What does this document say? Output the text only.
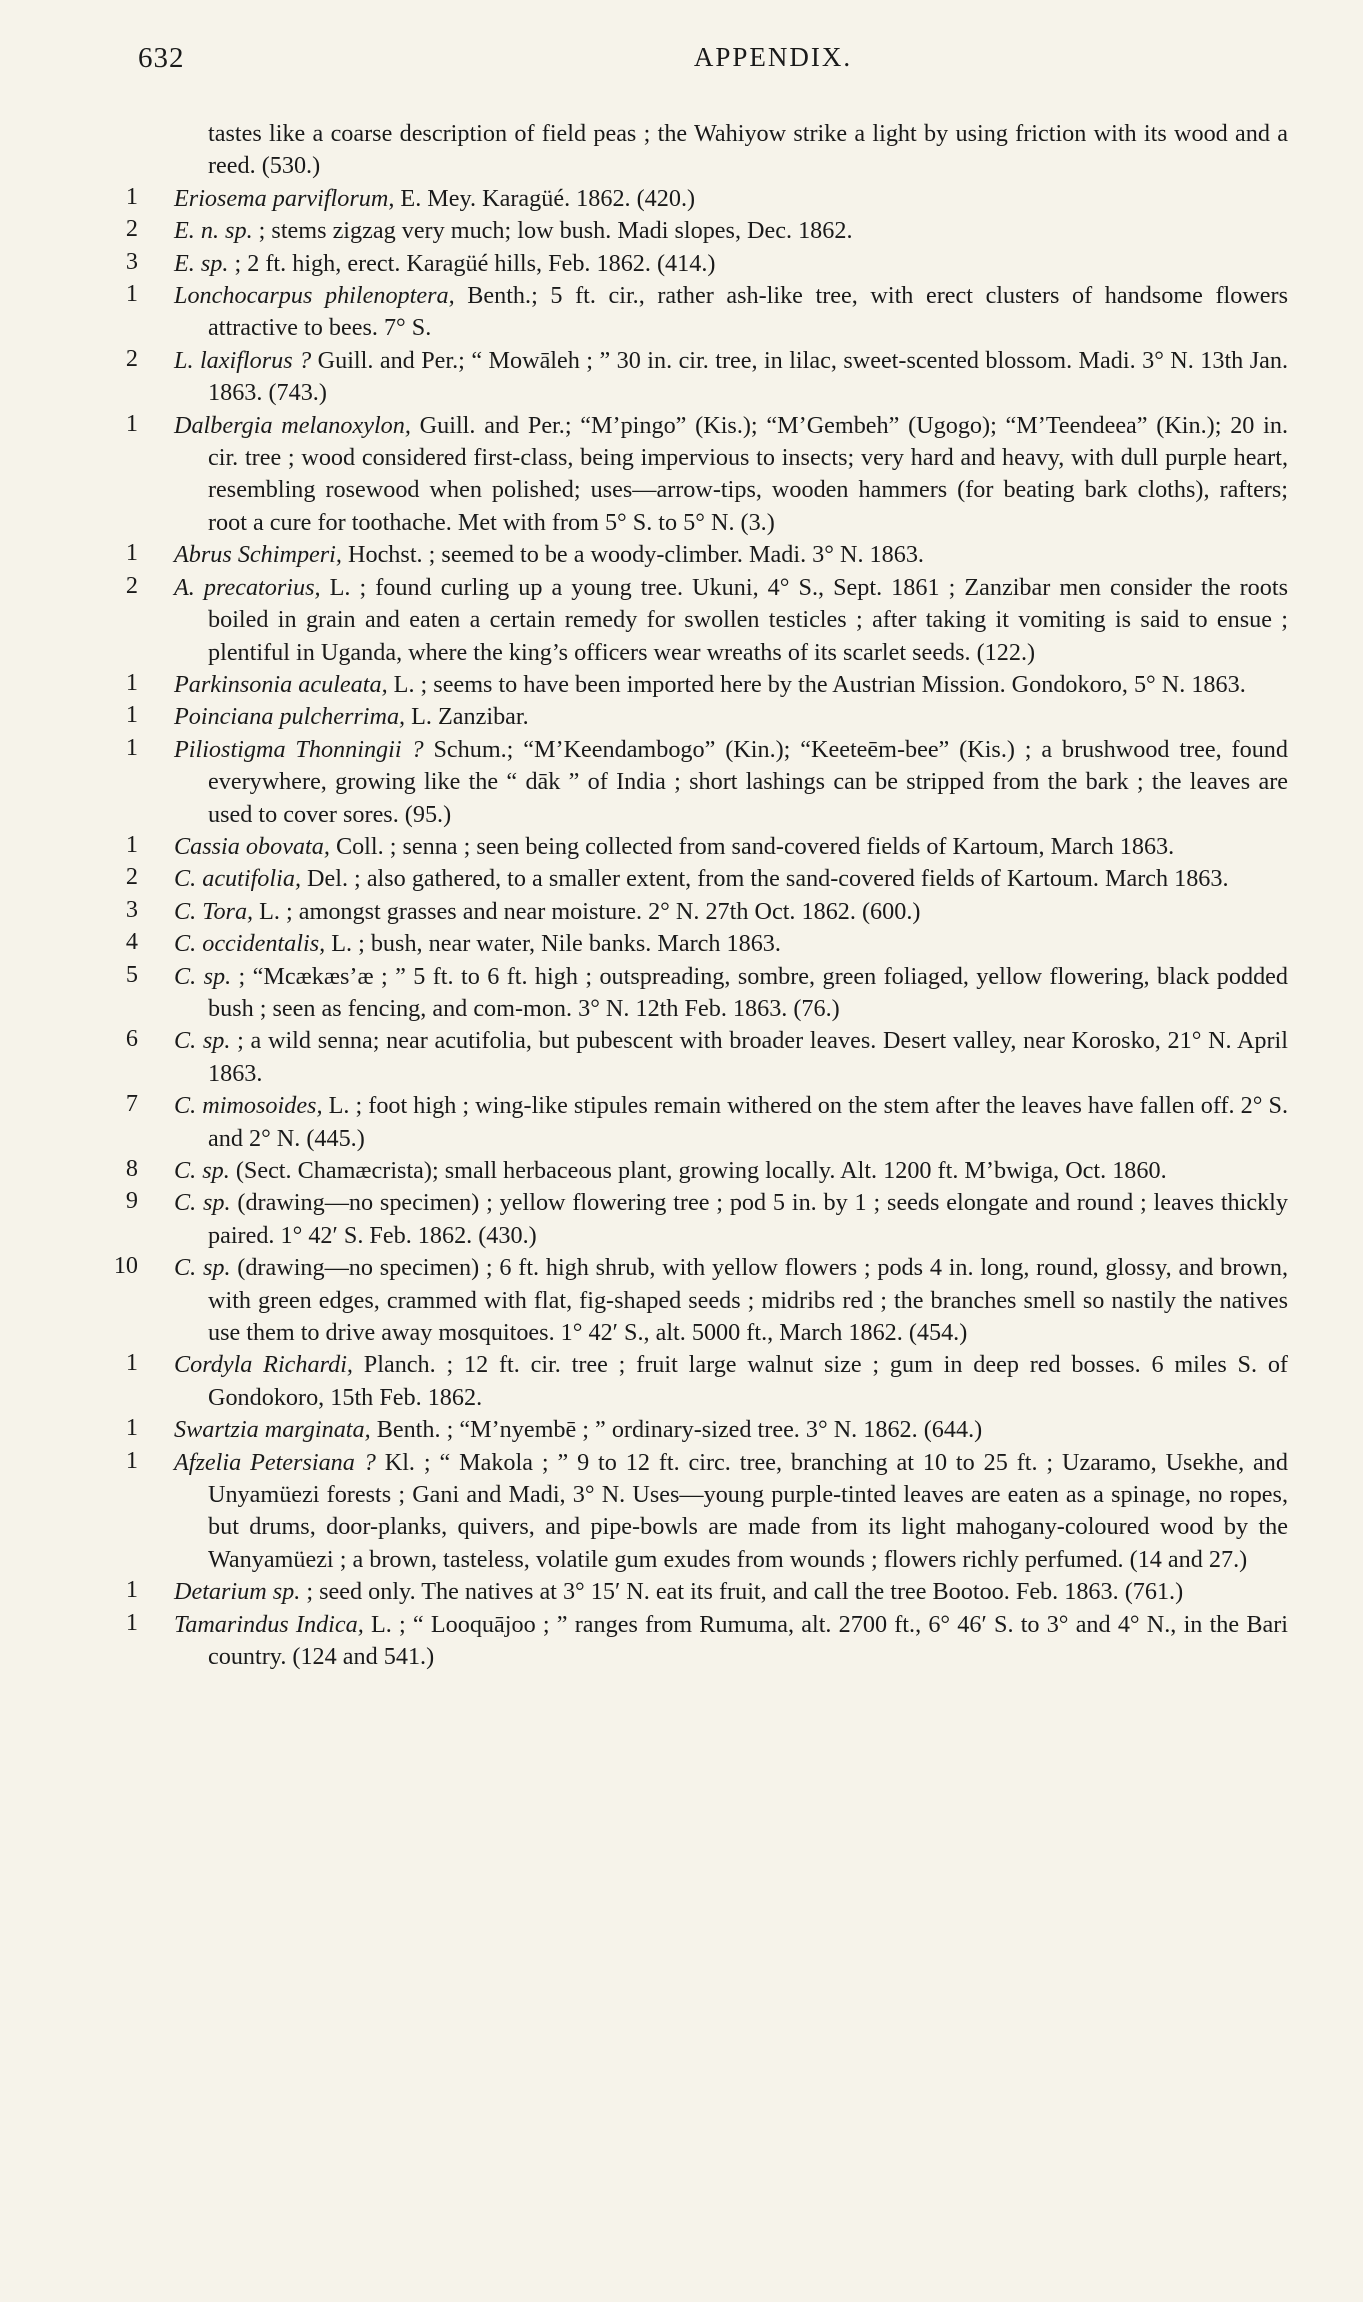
632	APPENDIX.
tastes like a coarse description of field peas ; the Wahiyow strike a light by using friction with its wood and a reed. (530.)
1 Eriosema parviflorum, E. Mey. Karagüé. 1862. (420.)
2 E. n. sp. ; stems zigzag very much; low bush. Madi slopes, Dec. 1862.
3 E. sp. ; 2 ft. high, erect. Karagüé hills, Feb. 1862. (414.)
1 Lonchocarpus philenoptera, Benth.; 5 ft. cir., rather ash-like tree, with erect clusters of handsome flowers attractive to bees. 7° S.
2 L. laxiflorus ? Guill. and Per.; “ Mowāleh ; ” 30 in. cir. tree, in lilac, sweet-scented blossom. Madi. 3° N. 13th Jan. 1863. (743.)
1 Dalbergia melanoxylon, Guill. and Per.; “M’pingo” (Kis.); “M’Gembeh” (Ugogo); “M’Teendeea” (Kin.); 20 in. cir. tree ; wood considered first-class, being impervious to insects; very hard and heavy, with dull purple heart, resembling rosewood when polished; uses—arrow-tips, wooden hammers (for beating bark cloths), rafters; root a cure for toothache. Met with from 5° S. to 5° N. (3.)
1 Abrus Schimperi, Hochst. ; seemed to be a woody-climber. Madi. 3° N. 1863.
2 A. precatorius, L. ; found curling up a young tree. Ukuni, 4° S., Sept. 1861 ; Zanzibar men consider the roots boiled in grain and eaten a certain remedy for swollen testicles ; after taking it vomiting is said to ensue ; plentiful in Uganda, where the king’s officers wear wreaths of its scarlet seeds. (122.)
1 Parkinsonia aculeata, L. ; seems to have been imported here by the Austrian Mission. Gondokoro, 5° N. 1863.
1 Poinciana pulcherrima, L. Zanzibar.
1 Piliostigma Thonningii ? Schum.; “M’Keendambogo” (Kin.); “Keeteēm-bee” (Kis.) ; a brushwood tree, found everywhere, growing like the “ dāk ” of India ; short lashings can be stripped from the bark ; the leaves are used to cover sores. (95.)
1 Cassia obovata, Coll. ; senna ; seen being collected from sand-covered fields of Kartoum, March 1863.
2 C. acutifolia, Del. ; also gathered, to a smaller extent, from the sand-covered fields of Kartoum. March 1863.
3 C. Tora, L. ; amongst grasses and near moisture. 2° N. 27th Oct. 1862. (600.)
4 C. occidentalis, L. ; bush, near water, Nile banks. March 1863.
5 C. sp. ; “Mcækæs’æ ; ” 5 ft. to 6 ft. high ; outspreading, sombre, green foliaged, yellow flowering, black podded bush ; seen as fencing, and com-mon. 3° N. 12th Feb. 1863. (76.)
6 C. sp. ; a wild senna; near acutifolia, but pubescent with broader leaves. Desert valley, near Korosko, 21° N. April 1863.
7 C. mimosoides, L. ; foot high ; wing-like stipules remain withered on the stem after the leaves have fallen off. 2° S. and 2° N. (445.)
8 C. sp. (Sect. Chamæcrista); small herbaceous plant, growing locally. Alt. 1200 ft. M’bwiga, Oct. 1860.
9 C. sp. (drawing—no specimen) ; yellow flowering tree ; pod 5 in. by 1 ; seeds elongate and round ; leaves thickly paired. 1° 42′ S. Feb. 1862. (430.)
10 C. sp. (drawing—no specimen) ; 6 ft. high shrub, with yellow flowers ; pods 4 in. long, round, glossy, and brown, with green edges, crammed with flat, fig-shaped seeds ; midribs red ; the branches smell so nastily the natives use them to drive away mosquitoes. 1° 42′ S., alt. 5000 ft., March 1862. (454.)
1 Cordyla Richardi, Planch. ; 12 ft. cir. tree ; fruit large walnut size ; gum in deep red bosses. 6 miles S. of Gondokoro, 15th Feb. 1862.
1 Swartzia marginata, Benth. ; “M’nyembē ; ” ordinary-sized tree. 3° N. 1862. (644.)
1 Afzelia Petersiana ? Kl. ; “ Makola ; ” 9 to 12 ft. circ. tree, branching at 10 to 25 ft. ; Uzaramo, Usekhe, and Unyamüezi forests ; Gani and Madi, 3° N. Uses—young purple-tinted leaves are eaten as a spinage, no ropes, but drums, door-planks, quivers, and pipe-bowls are made from its light mahogany-coloured wood by the Wanyamüezi ; a brown, tasteless, volatile gum exudes from wounds ; flowers richly perfumed. (14 and 27.)
1 Detarium sp. ; seed only. The natives at 3° 15′ N. eat its fruit, and call the tree Bootoo. Feb. 1863. (761.)
1 Tamarindus Indica, L. ; “ Looquājoo ; ” ranges from Rumuma, alt. 2700 ft., 6° 46′ S. to 3° and 4° N., in the Bari country. (124 and 541.)
